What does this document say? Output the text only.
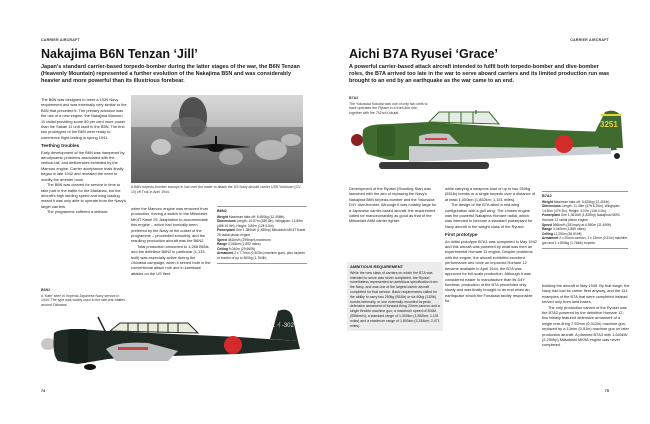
CARRIER AIRCRAFT
Nakajima B6N Tenzan ‘Jill’
Japan’s standard carrier-based torpedo-bomber during the latter stages of the war, the B6N Tenzan (Heavenly Mountain) represented a further evolution of the Nakajima B5N and was considerably heavier and more powerful than its illustrious forebear.

The B6N was designed to meet a 1939 Navy requirement and was externally very similar to the B5N that preceded it. The primary advance was the use of a new engine, the Nakajima Mamoru 11 radial providing some 80 per cent more power than the Sakae 11 unit used in the B5N. The first two prototypes of the B6N were ready to commence flight testing in spring 1941.

Teething troubles

Early development of the B6N was hampered by aerodynamic problems associated with the vertical tail, and deficiencies exhibited by the Mamoru engine. Carrier acceptance trials finally began in late 1942 and revealed the need to modify the arrester hook.

The B6N was cleared for service in time to take part in the battle for the Marianas, but the aircraft’s high landing speed and wing loading meant it was only able to operate from the Navy’s larger carriers.

The programme suffered a setback

B6N2
A ‘Kate’ seen in Imperial Japanese Navy service in 1944. The type was widely used in the late-war battles around Okinawa.
A B6N torpedo-bomber swoops in low over the water to attack the US Navy aircraft carrier USS Yorktown (CV-10) off Truk in April 1944.

when the Mamoru engine was removed from production, forcing a switch to the Mitsubishi MK4T Kasei 25. Adaptation to accommodate this engine – which had ironically been preferred by the Navy at the outset of the programme – proceeded smoothly, and the resulting production aircraft was the B6N2.

Total production amounted to 1,268 B6Ns, and the definitive B6N2 in particular (1,133 built) was especially active during the Okinawa campaign, when it served both in the conventional attack role and in kamikaze attacks on the US fleet.

B6N2
Weight Maximum take-off: 5,650kg (12,456lb)
Dimensions Length: 10.87m (35ft 8in), Wingspan: 14.89m (48ft 10.5in), Height: 3.80m (12ft 5.5in)
Powerplant One 1,380kW (1,850hp) Mitsubishi MK4T Kasei 25 radial piston engine
Speed 481km/h (299mph) maximum
Range 3,045km (1,892 miles)
Ceiling 9,040m (29,660ft)
Armament 2 x 7.7mm (0.303in) machine guns, plus torpedo or bombs of up to 800kg (1,764lb)
ヒイ-302
74
CARRIER AIRCRAFT
Aichi B7A Ryusei ‘Grace’
A powerful carrier-based attack aircraft intended to fulfil both torpedo-bomber and dive-bomber roles, the B7A arrived too late in the war to serve aboard carriers and its limited production run was brought to an end by an earthquake as the war came to an end.
B7A2
The Yokosuka Kokutai was one of only two units to have operated the Ryusei in a front-line role, together with the 752nd Kokutai.
3251

Development of the Ryusei (Shooting Star) was launched with the aim of replacing the Navy’s Nakajima B6N torpedo-bomber and the Yokosuka D4Y dive-bomber. Although it was notably large for a Japanese carrier-based aircraft, the requirement called for manoeuvrability as good as that of the Mitsubishi A6M carrier fighter.

AMBITIOUS REQUIREMENT
While the new class of carriers on which the B7A was intended to serve was never completed, the Ryusei nonetheless represented an ambitious specification from the Navy, and was one of the largest carrier aircraft completed for that service. Basic requirements called for the ability to carry two 250kg (551lb) or six 60kg (132lb) bombs internally, or one externally mounted torpedo; defensive armament of forward-firing 20mm cannon and a single flexible machine gun; a maximum speed of 300kt (556km/h); a standard range of 1,000km (1,852km; 1,151 miles) and a maximum range of 1,800km (3,334km; 2,071 miles).

while carrying a weapons load of up to two 250kg (551lb) bombs or a single torpedo over a distance of at least 1,000km (1,852km; 1,151 miles).

The design of the B7A allied a mid-wing configuration with a gull wing. The chosen engine was the powerful Nakajima Homare radial, which was intended to become a standard powerplant for Navy aircraft in the weight class of the Ryusei.

First prototype

An initial prototype B7A1 was completed in May 1942 and this aircraft was powered by what was then an experimental Homare 11 engine. Despite problems with the engine, the aircraft exhibited excellent performance and once an improved Homare 12 became available in April 1944, the B7A was approved for full-scale production. Although it was considered easier to manufacture than its D4Y forebear, production of the B7A proceeded only slowly and was finally brought to an end when an earthquake struck the Funakata facility responsible for

B7A2
Weight Maximum take-off: 5,625kg (12,401lb)
Dimensions Length: 11.49m (37ft 8.25in), Wingspan: 14.40m (47ft 3in), Height: 4.07m (13ft 4.2in)
Powerplant One 1,361kW (1,825hp) Nakajima NK9C Homare 12 radial piston engine
Speed 566km/h (351mph) at 6,550m (21,490ft)
Range 3,040km (1,889 miles)
Ceiling 11,250m (36,910ft)
Armament 2 x 20mm cannon, 1 x 13mm (0.51in) machine gun and 1 x 800kg (1,764lb) torpedo

building the aircraft in May 1945. By that stage, the Navy had lost its carrier fleet anyway, and the 114 examples of the B7A that were completed instead served only from land bases.

The only production variant of the Ryusei was the B7A2 powered by the definitive Homare 12; this initially featured defensive armament of a single rear-firing 7.92mm (0.312in) machine gun, replaced by a 13mm (0.51in) machine gun on later production aircraft. A planned B7A3 with 1,640kW (2,200hp) Mitsubishi MK9A engine was never completed.

75
